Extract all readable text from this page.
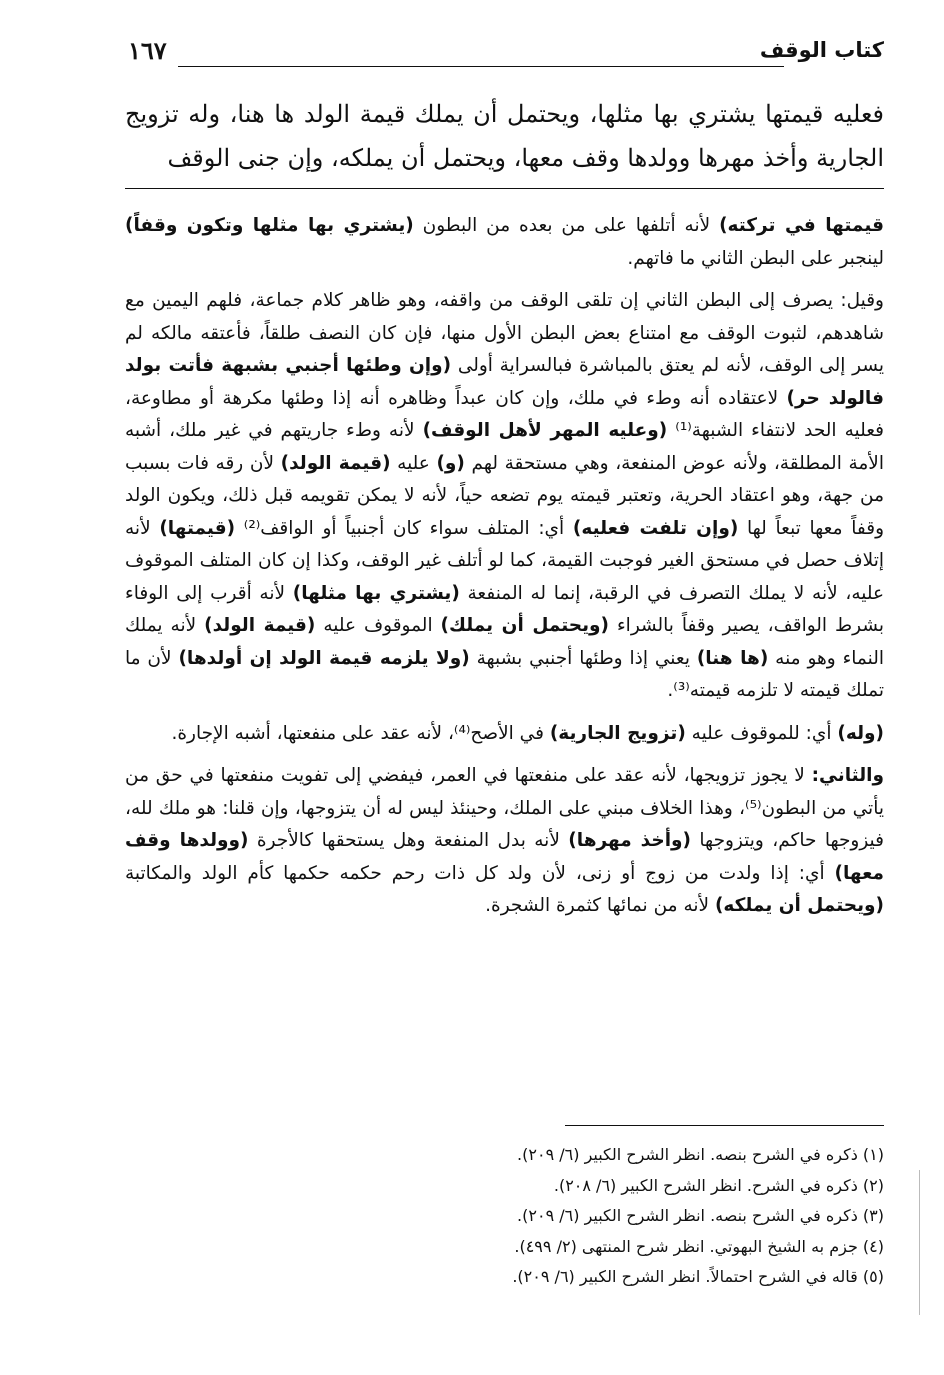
١٦٧	كتاب الوقف

فعليه قيمتها يشتري بها مثلها، ويحتمل أن يملك قيمة الولد ها هنا، وله تزويج الجارية وأخذ مهرها وولدها وقف معها، ويحتمل أن يملكه، وإن جنى الوقف

قيمتها في تركته) لأنه أتلفها على من بعده من البطون (يشتري بها مثلها وتكون وقفاً) لينجبر على البطن الثاني ما فاتهم.

وقيل: يصرف إلى البطن الثاني إن تلقى الوقف من واقفه، وهو ظاهر كلام جماعة، فلهم اليمين مع شاهدهم، لثبوت الوقف مع امتناع بعض البطن الأول منها، فإن كان النصف طلقاً، فأعتقه مالكه لم يسر إلى الوقف، لأنه لم يعتق بالمباشرة فبالسراية أولى (وإن وطئها أجنبي بشبهة فأتت بولد فالولد حر) لاعتقاده أنه وطء في ملك، وإن كان عبداً وظاهره أنه إذا وطئها مكرهة أو مطاوعة، فعليه الحد لانتفاء الشبهة⁽¹⁾ (وعليه المهر لأهل الوقف) لأنه وطء جاريتهم في غير ملك، أشبه الأمة المطلقة، ولأنه عوض المنفعة، وهي مستحقة لهم (و) عليه (قيمة الولد) لأن رقه فات بسبب من جهة، وهو اعتقاد الحرية، وتعتبر قيمته يوم تضعه حياً، لأنه لا يمكن تقويمه قبل ذلك، ويكون الولد وقفاً معها تبعاً لها (وإن تلفت فعليه) أي: المتلف سواء كان أجنبياً أو الواقف⁽²⁾ (قيمتها) لأنه إتلاف حصل في مستحق الغير فوجبت القيمة، كما لو أتلف غير الوقف، وكذا إن كان المتلف الموقوف عليه، لأنه لا يملك التصرف في الرقبة، إنما له المنفعة (يشتري بها مثلها) لأنه أقرب إلى الوفاء بشرط الواقف، يصير وقفاً بالشراء (ويحتمل أن يملك) الموقوف عليه (قيمة الولد) لأنه يملك النماء وهو منه (ها هنا) يعني إذا وطئها أجنبي بشبهة (ولا يلزمه قيمة الولد إن أولدها) لأن ما تملك قيمته لا تلزمه قيمته⁽³⁾.

(وله) أي: للموقوف عليه (تزويج الجارية) في الأصح⁽⁴⁾، لأنه عقد على منفعتها، أشبه الإجارة.

والثاني: لا يجوز تزويجها، لأنه عقد على منفعتها في العمر، فيفضي إلى تفويت منفعتها في حق من يأتي من البطون⁽⁵⁾، وهذا الخلاف مبني على الملك، وحينئذ ليس له أن يتزوجها، وإن قلنا: هو ملك لله، فيزوجها حاكم، ويتزوجها (وأخذ مهرها) لأنه بدل المنفعة وهل يستحقها كالأجرة (وولدها وقف معها) أي: إذا ولدت من زوج أو زنى، لأن ولد كل ذات رحم حكمه حكمها كأم الولد والمكاتبة (ويحتمل أن يملكه) لأنه من نمائها كثمرة الشجرة.

(١) ذكره في الشرح بنصه. انظر الشرح الكبير (٦/ ٢٠٩).
(٢) ذكره في الشرح. انظر الشرح الكبير (٦/ ٢٠٨).
(٣) ذكره في الشرح بنصه. انظر الشرح الكبير (٦/ ٢٠٩).
(٤) جزم به الشيخ البهوتي. انظر شرح المنتهى (٢/ ٤٩٩).
(٥) قاله في الشرح احتمالاً. انظر الشرح الكبير (٦/ ٢٠٩).
